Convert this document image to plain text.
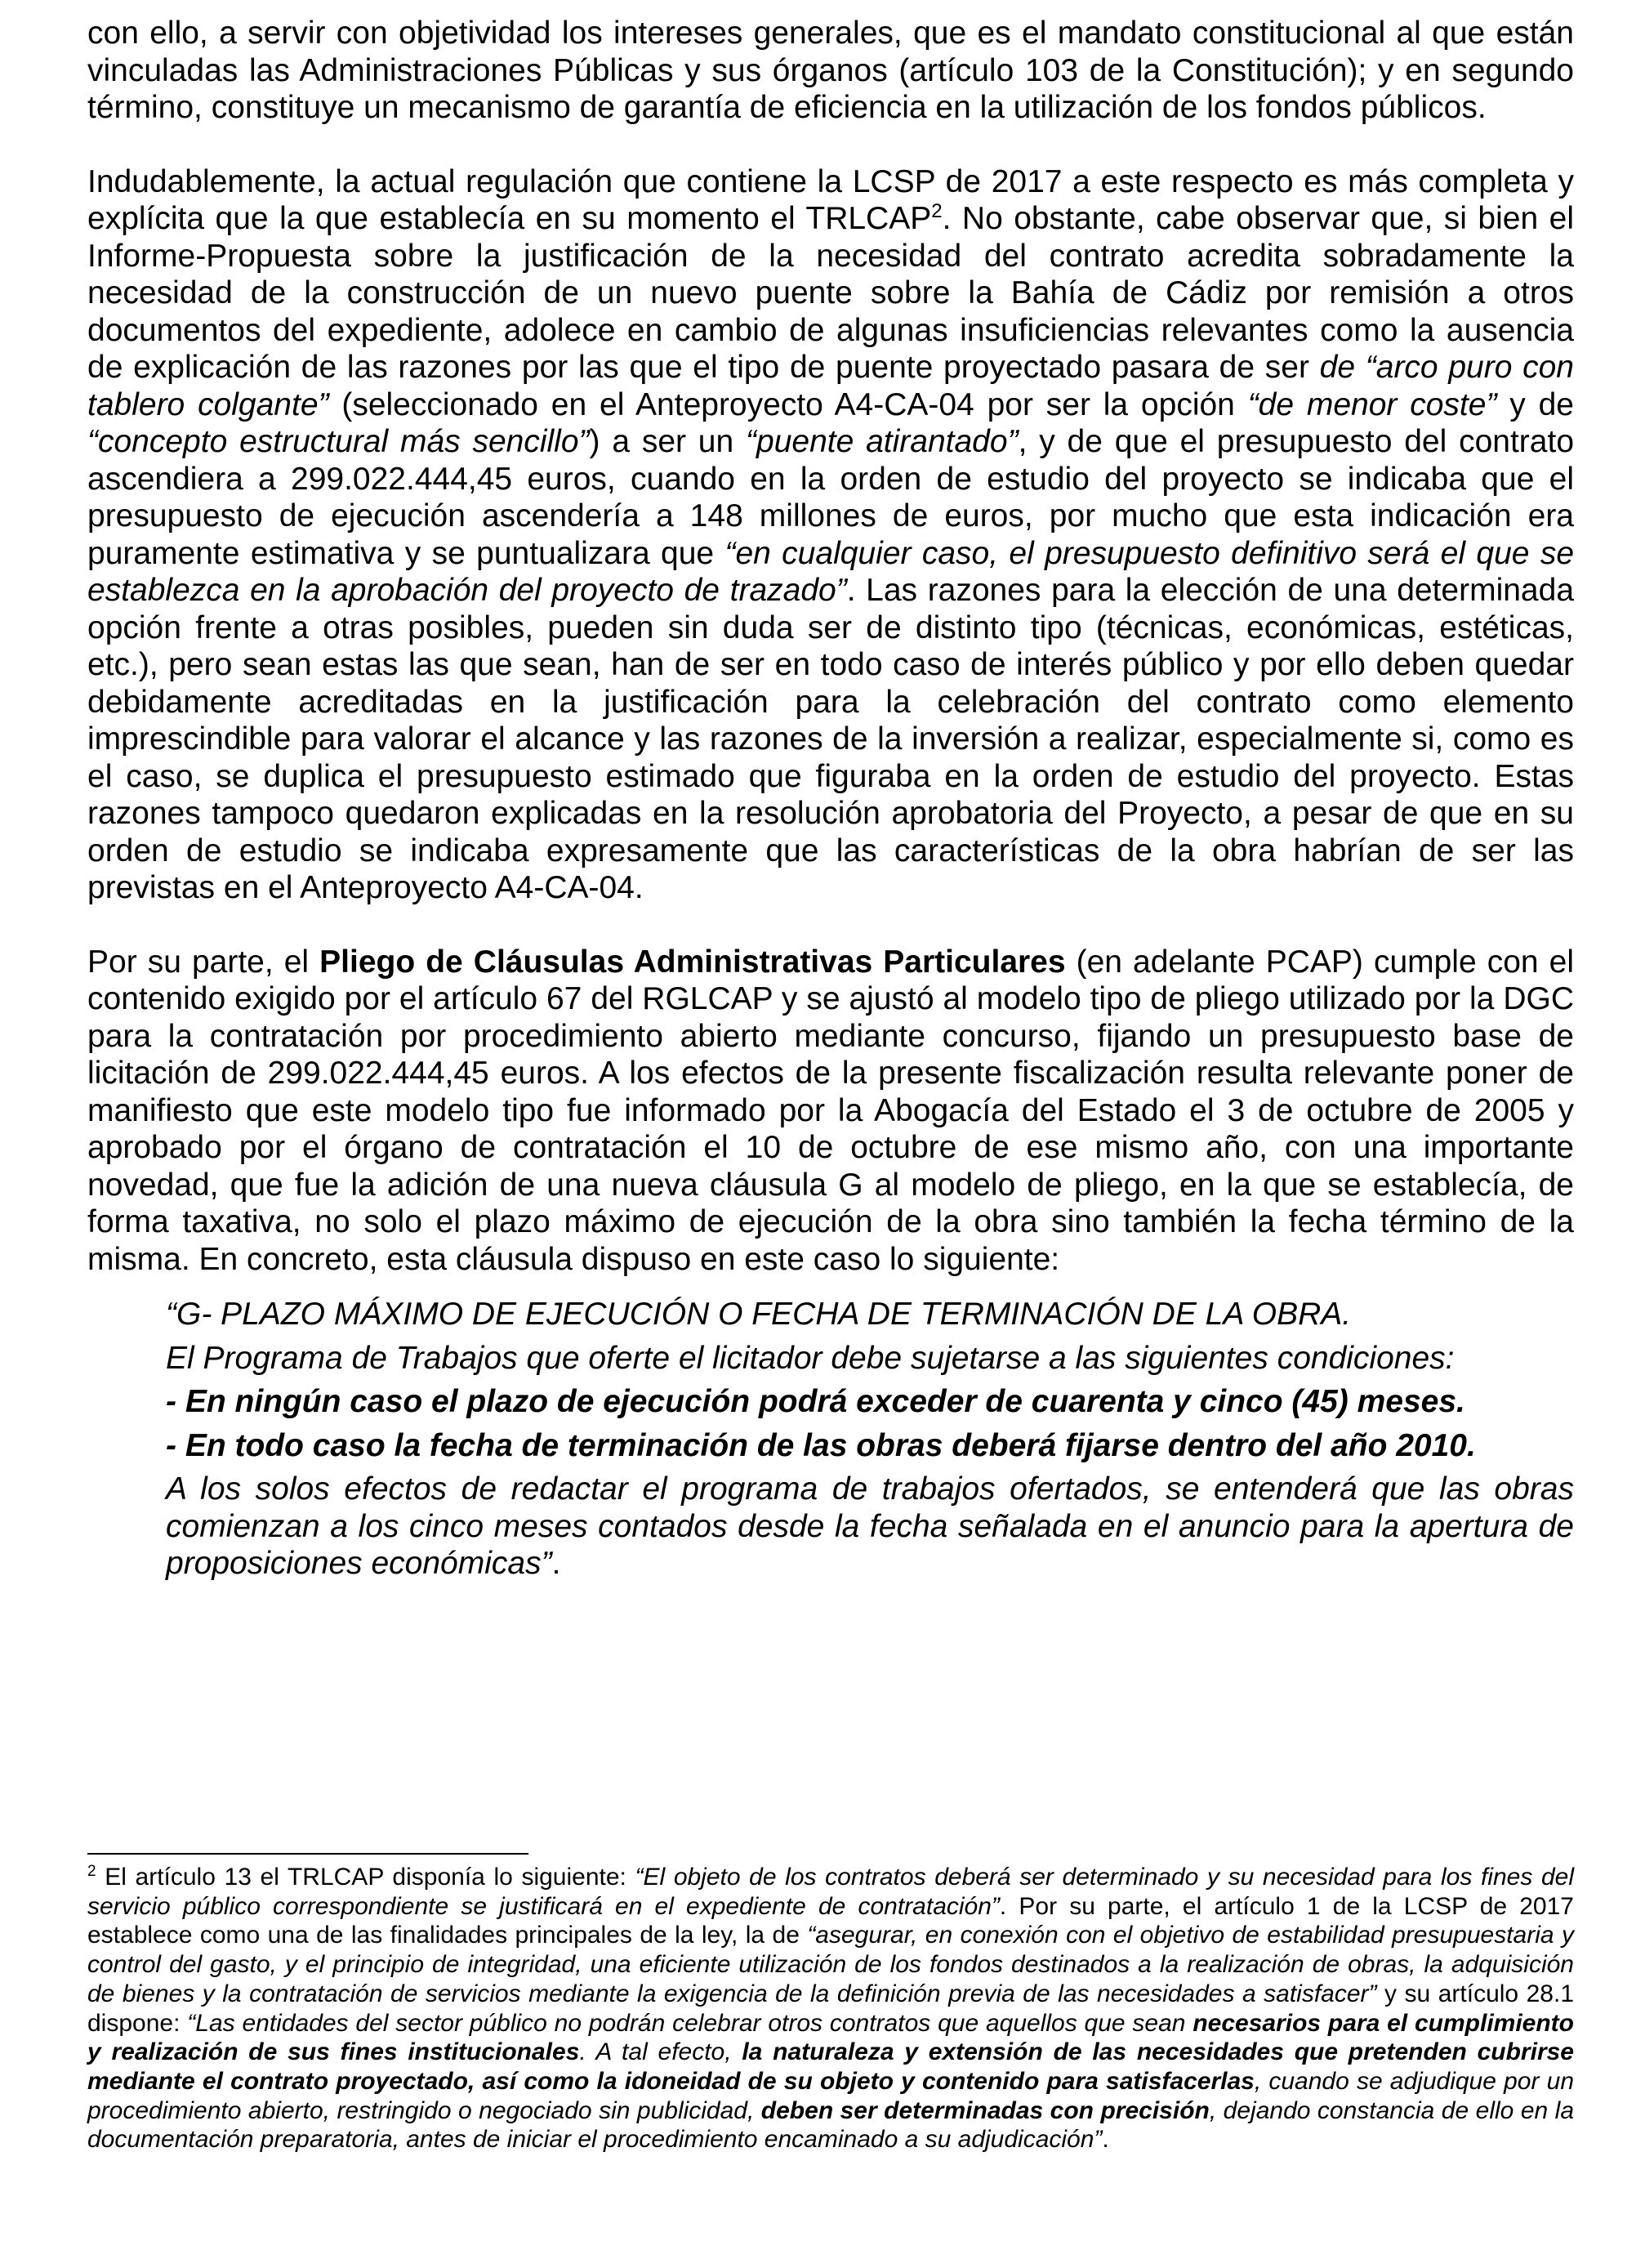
con ello, a servir con objetividad los intereses generales, que es el mandato constitucional al que están vinculadas las Administraciones Públicas y sus órganos (artículo 103 de la Constitución); y en segundo término, constituye un mecanismo de garantía de eficiencia en la utilización de los fondos públicos.

Indudablemente, la actual regulación que contiene la LCSP de 2017 a este respecto es más completa y explícita que la que establecía en su momento el TRLCAP$^2$. No obstante, cabe observar que, si bien el Informe-Propuesta sobre la justificación de la necesidad del contrato acredita sobradamente la necesidad de la construcción de un nuevo puente sobre la Bahía de Cádiz por remisión a otros documentos del expediente, adolece en cambio de algunas insuficiencias relevantes como la ausencia de explicación de las razones por las que el tipo de puente proyectado pasara de ser de “arco puro con tablero colgante” (seleccionado en el Anteproyecto A4-CA-04 por ser la opción “de menor coste” y de “concepto estructural más sencillo”) a ser un “puente atirantado”, y de que el presupuesto del contrato ascendiera a 299.022.444,45 euros, cuando en la orden de estudio del proyecto se indicaba que el presupuesto de ejecución ascendería a 148 millones de euros, por mucho que esta indicación era puramente estimativa y se puntualizara que “en cualquier caso, el presupuesto definitivo será el que se establezca en la aprobación del proyecto de trazado”. Las razones para la elección de una determinada opción frente a otras posibles, pueden sin duda ser de distinto tipo (técnicas, económicas, estéticas, etc.), pero sean estas las que sean, han de ser en todo caso de interés público y por ello deben quedar debidamente acreditadas en la justificación para la celebración del contrato como elemento imprescindible para valorar el alcance y las razones de la inversión a realizar, especialmente si, como es el caso, se duplica el presupuesto estimado que figuraba en la orden de estudio del proyecto. Estas razones tampoco quedaron explicadas en la resolución aprobatoria del Proyecto, a pesar de que en su orden de estudio se indicaba expresamente que las características de la obra habrían de ser las previstas en el Anteproyecto A4-CA-04.

Por su parte, el Pliego de Cláusulas Administrativas Particulares (en adelante PCAP) cumple con el contenido exigido por el artículo 67 del RGLCAP y se ajustó al modelo tipo de pliego utilizado por la DGC para la contratación por procedimiento abierto mediante concurso, fijando un presupuesto base de licitación de 299.022.444,45 euros. A los efectos de la presente fiscalización resulta relevante poner de manifiesto que este modelo tipo fue informado por la Abogacía del Estado el 3 de octubre de 2005 y aprobado por el órgano de contratación el 10 de octubre de ese mismo año, con una importante novedad, que fue la adición de una nueva cláusula G al modelo de pliego, en la que se establecía, de forma taxativa, no solo el plazo máximo de ejecución de la obra sino también la fecha término de la misma. En concreto, esta cláusula dispuso en este caso lo siguiente:

“G- PLAZO MÁXIMO DE EJECUCIÓN O FECHA DE TERMINACIÓN DE LA OBRA.

El Programa de Trabajos que oferte el licitador debe sujetarse a las siguientes condiciones:

- En ningún caso el plazo de ejecución podrá exceder de cuarenta y cinco (45) meses.

- En todo caso la fecha de terminación de las obras deberá fijarse dentro del año 2010.

A los solos efectos de redactar el programa de trabajos ofertados, se entenderá que las obras comienzan a los cinco meses contados desde la fecha señalada en el anuncio para la apertura de proposiciones económicas”.

$^2$ El artículo 13 el TRLCAP disponía lo siguiente: “El objeto de los contratos deberá ser determinado y su necesidad para los fines del servicio público correspondiente se justificará en el expediente de contratación”. Por su parte, el artículo 1 de la LCSP de 2017 establece como una de las finalidades principales de la ley, la de “asegurar, en conexión con el objetivo de estabilidad presupuestaria y control del gasto, y el principio de integridad, una eficiente utilización de los fondos destinados a la realización de obras, la adquisición de bienes y la contratación de servicios mediante la exigencia de la definición previa de las necesidades a satisfacer” y su artículo 28.1 dispone: “Las entidades del sector público no podrán celebrar otros contratos que aquellos que sean necesarios para el cumplimiento y realización de sus fines institucionales. A tal efecto, la naturaleza y extensión de las necesidades que pretenden cubrirse mediante el contrato proyectado, así como la idoneidad de su objeto y contenido para satisfacerlas, cuando se adjudique por un procedimiento abierto, restringido o negociado sin publicidad, deben ser determinadas con precisión, dejando constancia de ello en la documentación preparatoria, antes de iniciar el procedimiento encaminado a su adjudicación”.
